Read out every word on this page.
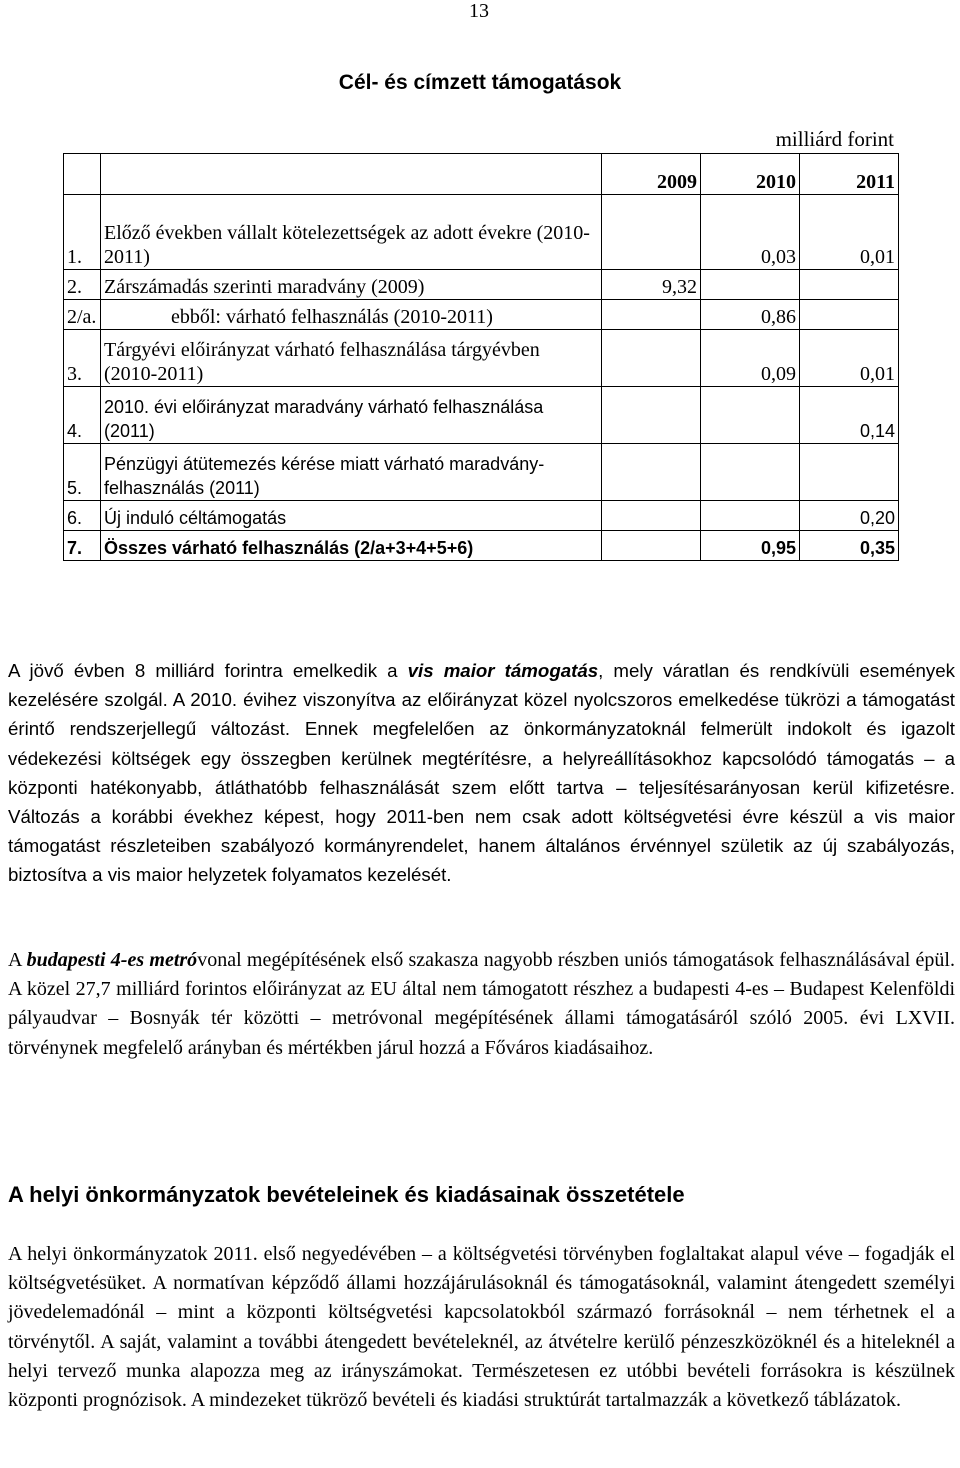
13
Cél- és címzett támogatások
milliárd forint
		2009	2010	2011
1.	Előző években vállalt kötelezettségek az adott évekre (2010-2011)		0,03	0,01
2.	Zárszámadás szerinti maradvány (2009)	9,32		
2/a.	ebből: várható felhasználás (2010-2011)		0,86	
3.	Tárgyévi előirányzat várható felhasználása tárgyévben (2010-2011)		0,09	0,01
4.	2010. évi előirányzat maradvány várható felhasználása (2011)			0,14
5.	Pénzügyi átütemezés kérése miatt várható maradvány-felhasználás (2011)			
6.	Új induló céltámogatás			0,20
7.	Összes várható felhasználás (2/a+3+4+5+6)		0,95	0,35

A jövő évben 8 milliárd forintra emelkedik a vis maior támogatás, mely váratlan és rendkívüli események kezelésére szolgál. A 2010. évihez viszonyítva az előirányzat közel nyolcszoros emelkedése tükrözi a támogatást érintő rendszerjellegű változást. Ennek megfelelően az önkormányzatoknál felmerült indokolt és igazolt védekezési költségek egy összegben kerülnek megtérítésre, a helyreállításokhoz kapcsolódó támogatás – a központi hatékonyabb, átláthatóbb felhasználását szem előtt tartva – teljesítésarányosan kerül kifizetésre. Változás a korábbi évekhez képest, hogy 2011-ben nem csak adott költségvetési évre készül a vis maior támogatást részleteiben szabályozó kormányrendelet, hanem általános érvénnyel születik az új szabályozás, biztosítva a vis maior helyzetek folyamatos kezelését.

A budapesti 4-es metróvonal megépítésének első szakasza nagyobb részben uniós támogatások felhasználásával épül. A közel 27,7 milliárd forintos előirányzat az EU által nem támogatott részhez a budapesti 4-es – Budapest Kelenföldi pályaudvar – Bosnyák tér közötti – metróvonal megépítésének állami támogatásáról szóló 2005. évi LXVII. törvénynek megfelelő arányban és mértékben járul hozzá a Főváros kiadásaihoz.

A helyi önkormányzatok bevételeinek és kiadásainak összetétele

A helyi önkormányzatok 2011. első negyedévében – a költségvetési törvényben foglaltakat alapul véve – fogadják el költségvetésüket. A normatívan képződő állami hozzájárulásoknál és támogatásoknál, valamint átengedett személyi jövedelemadónál – mint a központi költségvetési kapcsolatokból származó forrásoknál – nem térhetnek el a törvénytől. A saját, valamint a további átengedett bevételeknél, az átvételre kerülő pénzeszközöknél és a hiteleknél a helyi tervező munka alapozza meg az irányszámokat. Természetesen ez utóbbi bevételi forrásokra is készülnek központi prognózisok. A mindezeket tükröző bevételi és kiadási struktúrát tartalmazzák a következő táblázatok.
